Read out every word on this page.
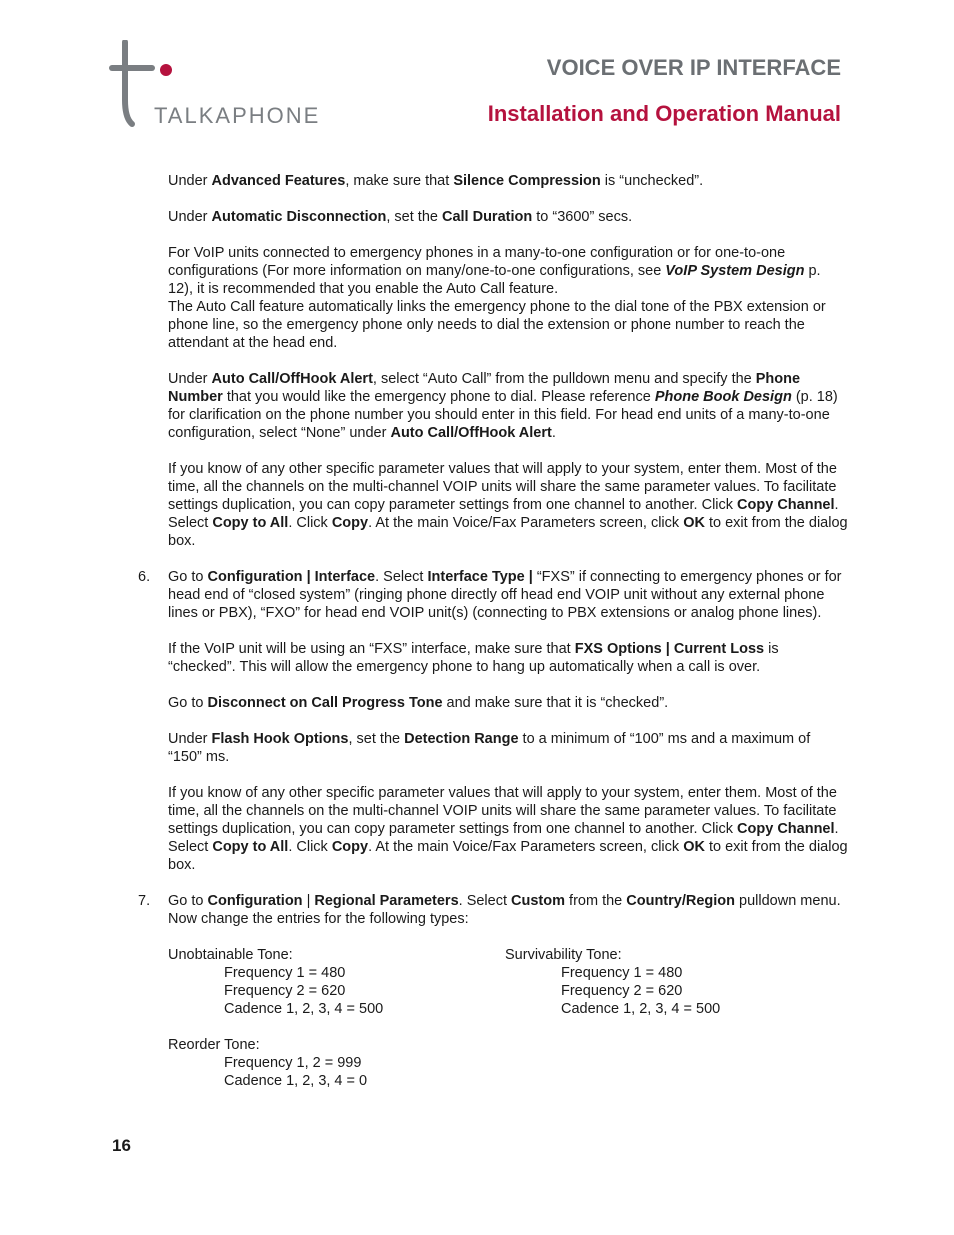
TALKAPHONE
VOICE OVER IP INTERFACE
Installation and Operation Manual

Under Advanced Features, make sure that Silence Compression is “unchecked”.

Under Automatic Disconnection, set the Call Duration to “3600” secs.

For VoIP units connected to emergency phones in a many-to-one configuration or for one-to-one configurations (For more information on many/one-to-one configurations, see VoIP System Design p. 12), it is recommended that you enable the Auto Call feature.
The Auto Call feature automatically links the emergency phone to the dial tone of the PBX extension or phone line, so the emergency phone only needs to dial the extension or phone number to reach the attendant at the head end.

Under Auto Call/OffHook Alert, select “Auto Call” from the pulldown menu and specify the Phone Number that you would like the emergency phone to dial. Please reference Phone Book Design (p. 18) for clarification on the phone number you should enter in this field. For head end units of a many-to-one configuration, select “None” under Auto Call/OffHook Alert.

If you know of any other specific parameter values that will apply to your system, enter them. Most of the time, all the channels on the multi-channel VOIP units will share the same parameter values. To facilitate settings duplication, you can copy parameter settings from one channel to another. Click Copy Channel. Select Copy to All. Click Copy. At the main Voice/Fax Parameters screen, click OK to exit from the dialog box.

6. Go to Configuration | Interface. Select Interface Type | “FXS” if connecting to emergency phones or for head end of “closed system” (ringing phone directly off head end VOIP unit without any external phone lines or PBX), “FXO” for head end VOIP unit(s) (connecting to PBX extensions or analog phone lines).

If the VoIP unit will be using an “FXS” interface, make sure that FXS Options | Current Loss is “checked”. This will allow the emergency phone to hang up automatically when a call is over.

Go to Disconnect on Call Progress Tone and make sure that it is “checked”.

Under Flash Hook Options, set the Detection Range to a minimum of “100” ms and a maximum of “150” ms.

If you know of any other specific parameter values that will apply to your system, enter them. Most of the time, all the channels on the multi-channel VOIP units will share the same parameter values. To facilitate settings duplication, you can copy parameter settings from one channel to another. Click Copy Channel. Select Copy to All. Click Copy. At the main Voice/Fax Parameters screen, click OK to exit from the dialog box.

7. Go to Configuration | Regional Parameters. Select Custom from the Country/Region pulldown menu. Now change the entries for the following types:

Unobtainable Tone:
Frequency 1 = 480
Frequency 2 = 620
Cadence 1, 2, 3, 4 = 500
Survivability Tone:
Frequency 1 = 480
Frequency 2 = 620
Cadence 1, 2, 3, 4 = 500
Reorder Tone:
Frequency 1, 2 = 999
Cadence 1, 2, 3, 4 = 0
16
